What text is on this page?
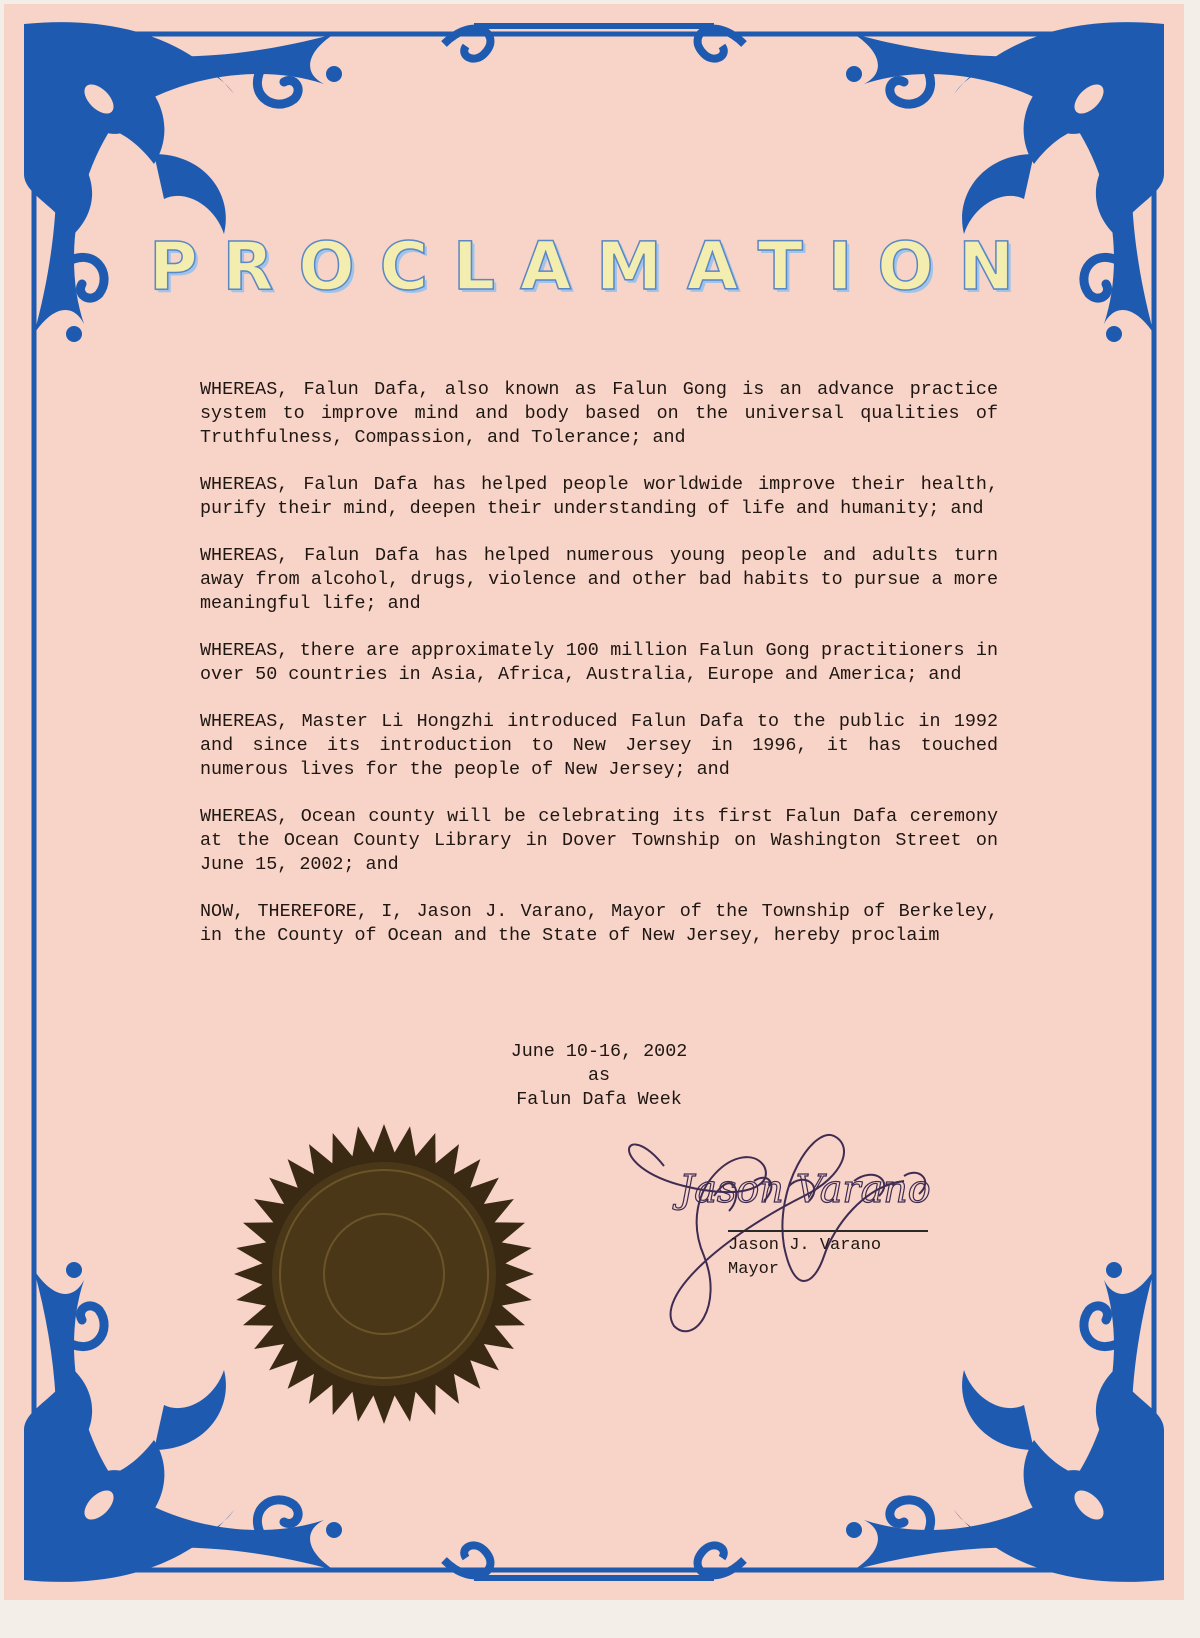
PROCLAMATION

WHEREAS, Falun Dafa, also known as Falun Gong is an advance practice system to improve mind and body based on the universal qualities of Truthfulness, Compassion, and Tolerance; and

WHEREAS, Falun Dafa has helped people worldwide improve their health, purify their mind, deepen their understanding of life and humanity; and

WHEREAS, Falun Dafa has helped numerous young people and adults turn away from alcohol, drugs, violence and other bad habits to pursue a more meaningful life; and

WHEREAS, there are approximately 100 million Falun Gong practitioners in over 50 countries in Asia, Africa, Australia, Europe and America; and

WHEREAS, Master Li Hongzhi introduced Falun Dafa to the public in 1992 and since its introduction to New Jersey in 1996, it has touched numerous lives for the people of New Jersey; and

WHEREAS, Ocean county will be celebrating its first Falun Dafa ceremony at the Ocean County Library in Dover Township on Washington Street on June 15, 2002; and

NOW, THEREFORE, I, Jason J. Varano, Mayor of the Township of Berkeley, in the County of Ocean and the State of New Jersey, hereby proclaim

June 10-16, 2002
as
Falun Dafa Week
Jason Varano
Jason J. Varano
Mayor
